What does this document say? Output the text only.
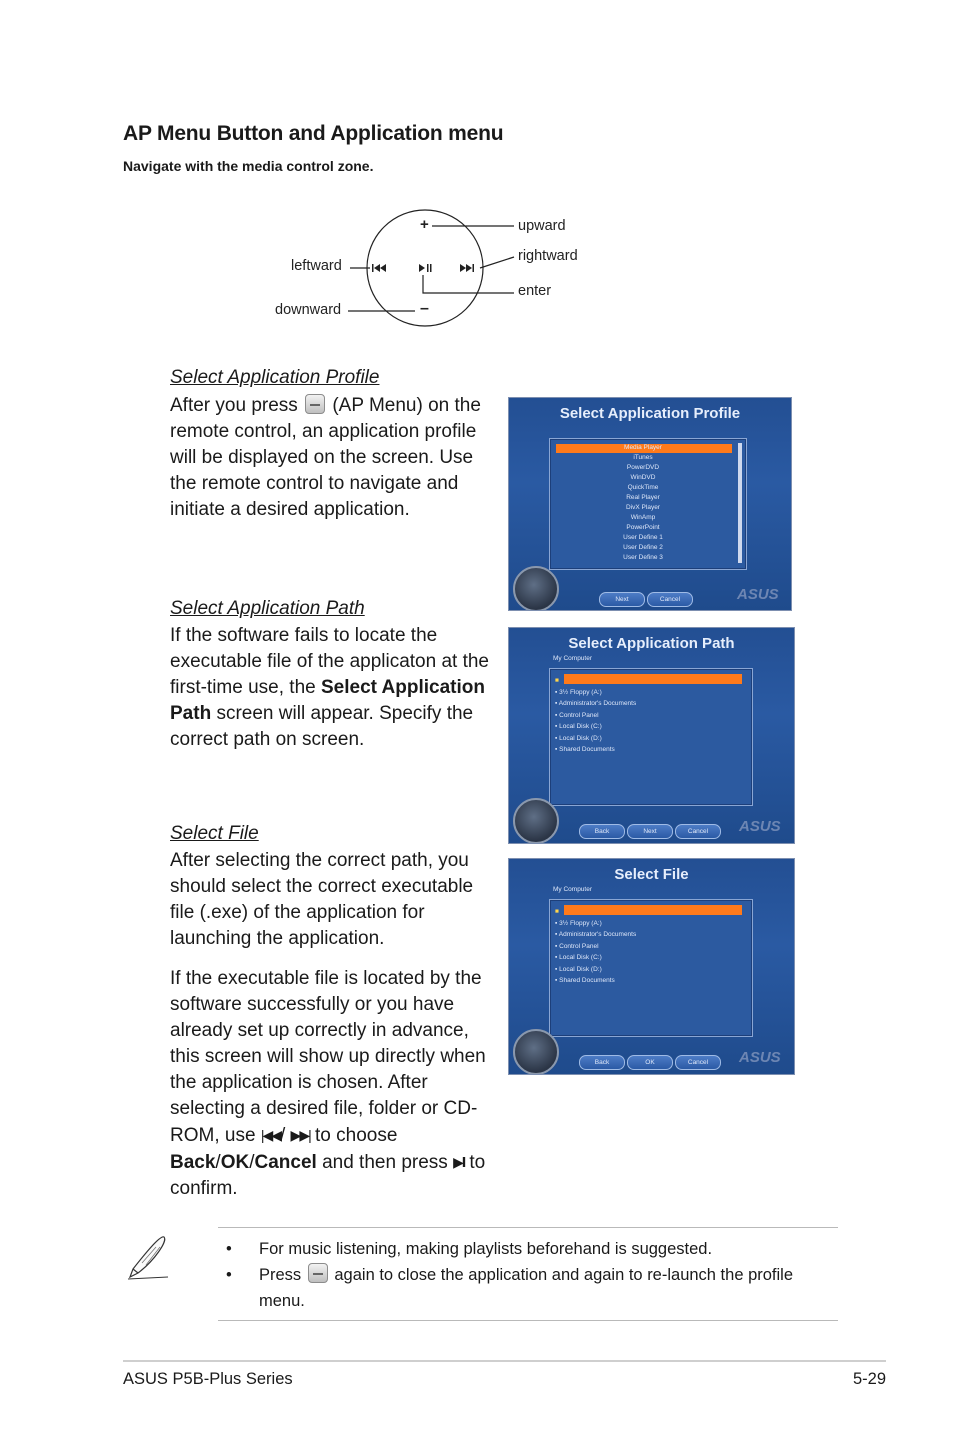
AP Menu Button and Application menu
Navigate with the media control zone.
+
–
upward
rightward
enter
leftward
downward
Select Application Profile

After you press (AP Menu) on the remote control, an application profile will be displayed on the screen. Use the remote control to navigate and initiate a desired application.

Select Application Path

If the software fails to locate the executable file of the applicaton at the first-time use, the Select Application Path screen will appear. Specify the correct path on screen.

Select File

After selecting the correct path, you should select the correct executable file (.exe) of the application for launching the application.

If the executable file is located by the software successfully or you have already set up correctly in advance, this screen will show up directly when the application is chosen. After selecting a desired file, folder or CD-ROM, use |◀◀/ ▶▶| to choose Back/OK/Cancel and then press ▶ll to confirm.

Select Application Profile
Media Player
iTunes
PowerDVD
WinDVD
QuickTime
Real Player
DivX Player
WinAmp
PowerPoint
User Define 1
User Define 2
User Define 3
Next	Cancel	ASUS
Select Application Path
My Computer
■
▪ 3½ Floppy (A:)
▪ Administrator's Documents
▪ Control Panel
▪ Local Disk (C:)
▪ Local Disk (D:)
▪ Shared Documents
Back	Next	Cancel	ASUS
Select File
My Computer
■
▪ 3½ Floppy (A:)
▪ Administrator's Documents
▪ Control Panel
▪ Local Disk (C:)
▪ Local Disk (D:)
▪ Shared Documents
Back	OK	Cancel	ASUS
• For music listening, making playlists beforehand is suggested.
• Press again to close the application and again to re-launch the profile menu.
ASUS P5B-Plus Series	5-29
